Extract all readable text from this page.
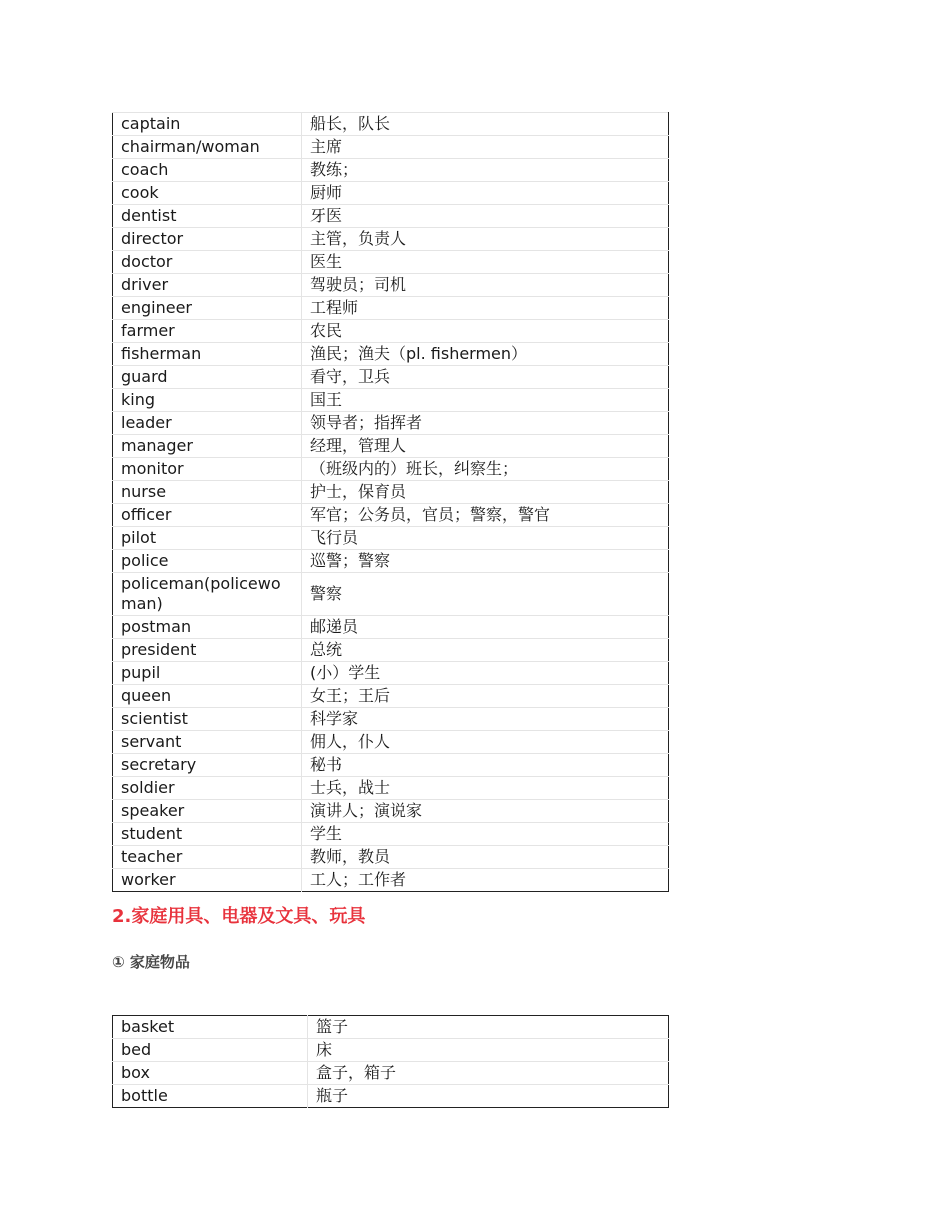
captain	船长，队长
chairman/woman	主席
coach	教练；
cook	厨师
dentist	牙医
director	主管，负责人
doctor	医生
driver	驾驶员；司机
engineer	工程师
farmer	农民
fisherman	渔民；渔夫（pl. fishermen）
guard	看守，卫兵
king	国王
leader	领导者；指挥者
manager	经理，管理人
monitor	（班级内的）班长，纠察生；
nurse	护士，保育员
officer	军官；公务员，官员；警察，警官
pilot	飞行员
police	巡警；警察
policeman(policewoman)	警察
postman	邮递员
president	总统
pupil	(小）学生
queen	女王；王后
scientist	科学家
servant	佣人，仆人
secretary	秘书
soldier	士兵，战士
speaker	演讲人；演说家
student	学生
teacher	教师，教员
worker	工人；工作者
2.家庭用具、电器及文具、玩具
① 家庭物品
basket	篮子
bed	床
box	盒子，箱子
bottle	瓶子
